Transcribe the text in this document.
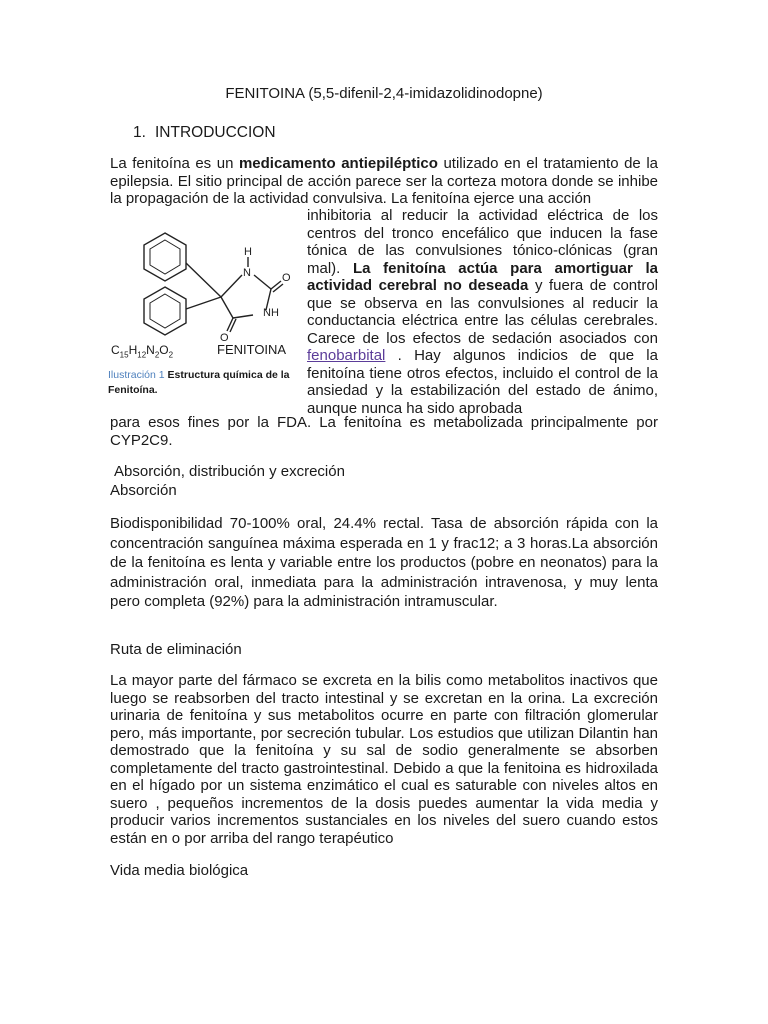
FENITOINA (5,5-difenil-2,4-imidazolidinodopne)
1. INTRODUCCION
La fenitoína es un medicamento antiepiléptico utilizado en el tratamiento de la epilepsia. El sitio principal de acción parece ser la corteza motora donde se inhibe la propagación de la actividad convulsiva. La fenitoína ejerce una acción
H
N	O
NH
O
$C_{15}H_{12}N_2O_2$	FENITOINA
Ilustración 1 Estructura química de la Fenitoína.
inhibitoria al reducir la actividad eléctrica de los centros del tronco encefálico que inducen la fase tónica de las convulsiones tónico-clónicas (gran mal). La fenitoína actúa para amortiguar la actividad cerebral no deseada y fuera de control que se observa en las convulsiones al reducir la conductancia eléctrica entre las células cerebrales. Carece de los efectos de sedación asociados con fenobarbital . Hay algunos indicios de que la fenitoína tiene otros efectos, incluido el control de la ansiedad y la estabilización del estado de ánimo, aunque nunca ha sido aprobada
para esos fines por la FDA. La fenitoína es metabolizada principalmente por CYP2C9.
Absorción, distribución y excreción
Absorción
Biodisponibilidad 70-100% oral, 24.4% rectal. Tasa de absorción rápida con la concentración sanguínea máxima esperada en 1 y frac12; a 3 horas.La absorción de la fenitoína es lenta y variable entre los productos (pobre en neonatos) para la administración oral, inmediata para la administración intravenosa, y muy lenta pero completa (92%) para la administración intramuscular.
Ruta de eliminación
La mayor parte del fármaco se excreta en la bilis como metabolitos inactivos que luego se reabsorben del tracto intestinal y se excretan en la orina. La excreción urinaria de fenitoína y sus metabolitos ocurre en parte con filtración glomerular pero, más importante, por secreción tubular. Los estudios que utilizan Dilantin han demostrado que la fenitoína y su sal de sodio generalmente se absorben completamente del tracto gastrointestinal. Debido a que la fenitoina es hidroxilada en el hígado por un sistema enzimático el cual es saturable con niveles altos en suero , pequeños incrementos de la dosis puedes aumentar la vida media y producir varios incrementos sustanciales en los niveles del suero cuando estos están en o por arriba del rango terapéutico
Vida media biológica
